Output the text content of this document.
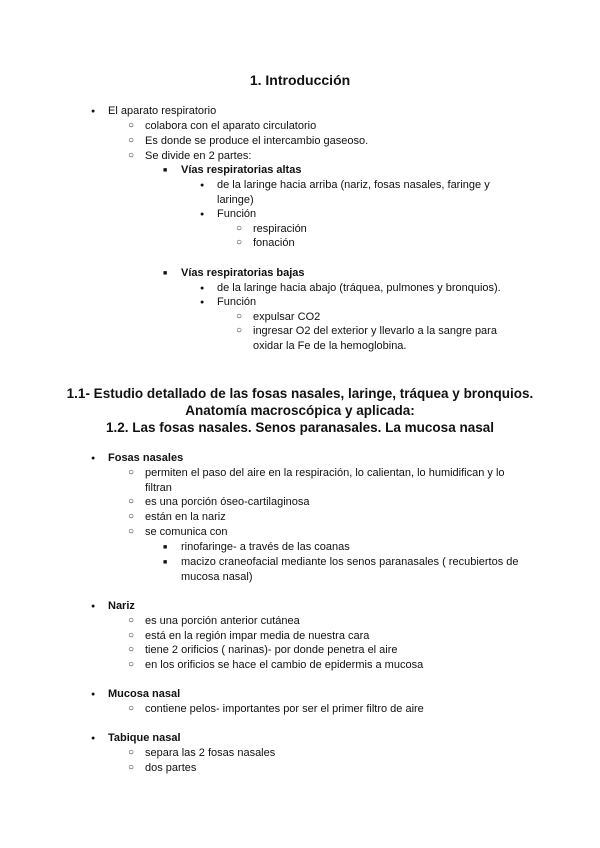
1. Introducción
●
El aparato respiratorio
○
colabora con el aparato circulatorio
○
Es donde se produce el intercambio gaseoso.
○
Se divide en 2 partes:
■
Vías respiratorias altas
●
de la laringe hacia arriba (nariz, fosas nasales, faringe y
laringe)
●
Función
○
respiración
○
fonación
■
Vías respiratorias bajas
●
de la laringe hacia abajo (tráquea, pulmones y bronquios).
●
Función
○
expulsar CO2
○
ingresar O2 del exterior y llevarlo a la sangre para
oxidar la Fe de la hemoglobina.
1.1- Estudio detallado de las fosas nasales, laringe, tráquea y bronquios.
Anatomía macroscópica y aplicada:
1.2. Las fosas nasales. Senos paranasales. La mucosa nasal
●
Fosas nasales
○
permiten el paso del aire en la respiración, lo calientan, lo humidifican y lo
filtran
○
es una porción óseo-cartilaginosa
○
están en la nariz
○
se comunica con
■
rinofaringe- a través de las coanas
■
macizo craneofacial mediante los senos paranasales ( recubiertos de
mucosa nasal)
●
Nariz
○
es una porción anterior cutánea
○
está en la región impar media de nuestra cara
○
tiene 2 orificios ( narinas)- por donde penetra el aire
○
en los orificios se hace el cambio de epidermis a mucosa
●
Mucosa nasal
○
contiene pelos- importantes por ser el primer filtro de aire
●
Tabique nasal
○
separa las 2 fosas nasales
○
dos partes
